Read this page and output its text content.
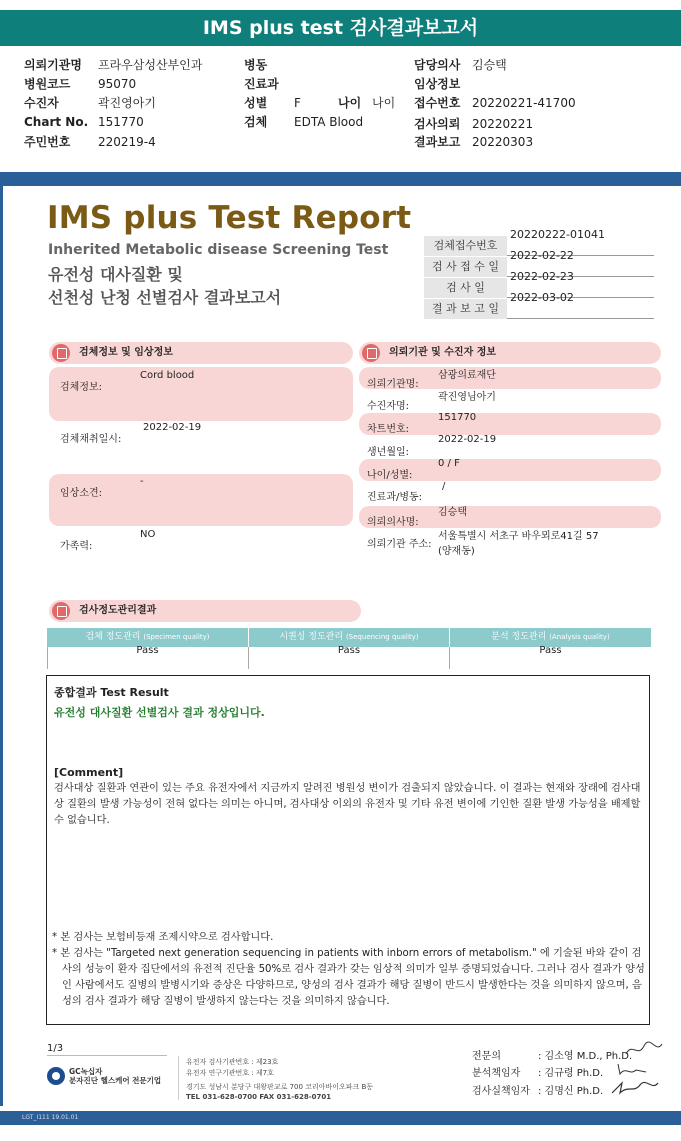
IMS plus test 검사결과보고서
의뢰기관명 프라우삼성산부인과
병원코드 95070
수진자	곽진영아기
Chart No. 151770
주민번호 220219-4
병동
진료과
성별 F	나이 나이
검체 EDTA Blood
담당의사 김승택
임상정보
접수번호 20220221-41700
검사의뢰 20220221
결과보고 20220303
IMS plus Test Report
Inherited Metabolic disease Screening Test
유전성 대사질환 및
선천성 난청 선별검사 결과보고서
검체접수번호
20220222-01041
검 사 접 수 일
2022-02-22
검 사 일
2022-02-23
결 과 보 고 일
2022-03-02
검체정보 및 임상정보
검체정보:
Cord blood
검체채취일시:
2022-02-19
임상소견:
-
가족력:
NO
의뢰기관 및 수진자 정보
의뢰기관명:
삼광의료재단
수진자명:
곽진영님아기
차트번호:
151770
생년월일:
2022-02-19
나이/성별:
0 / F
진료과/병동:
/
의뢰의사명:
김승택
의뢰기관 주소:
서울특별시 서초구 바우뫼로41길 57
(양재동)
검사정도관리결과
검체 정도관리 (Specimen quality)	시퀀싱 정도관리 (Sequencing quality)	분석 정도관리 (Analysis quality)
Pass	Pass	Pass
종합결과 Test Result
유전성 대사질환 선별검사 결과 정상입니다.
[Comment]
검사대상 질환과 연관이 있는 주요 유전자에서 지금까지 알려진 병원성 변이가 검출되지 않았습니다. 이 결과는 현재와 장래에 검사대상 질환의 발생 가능성이 전혀 없다는 의미는 아니며, 검사대상 이외의 유전자 및 기타 유전 변이에 기인한 질환 발생 가능성을 배제할 수 없습니다.

* 본 검사는 보험비등재 조제시약으로 검사합니다.

* 본 검사는 "Targeted next generation sequencing in patients with inborn errors of metabolism." 에 기술된 바와 같이 검사의 성능이 환자 집단에서의 유전적 진단율 50%로 검사 결과가 갖는 임상적 의미가 일부 증명되었습니다. 그러나 검사 결과가 양성인 사람에서도 질병의 발병시기와 증상은 다양하므로, 양성의 검사 결과가 해당 질병이 반드시 발생한다는 것을 의미하지 않으며, 음성의 검사 결과가 해당 질병이 발생하지 않는다는 것을 의미하지 않습니다.

1/3
GC녹십자
분자진단 헬스케어 전문기업
유전자 검사기관번호 : 제23호
유전자 연구기관번호 : 제7호
경기도 성남시 분당구 대왕판교로 700 코리아바이오파크 B동
TEL 031-628-0700 FAX 031-628-0701
전문의	: 김소영 M.D., Ph.D.
분석책임자 : 김규령 Ph.D.
검사실책임자 : 김명신 Ph.D.
LGT_I111 19.01.01
